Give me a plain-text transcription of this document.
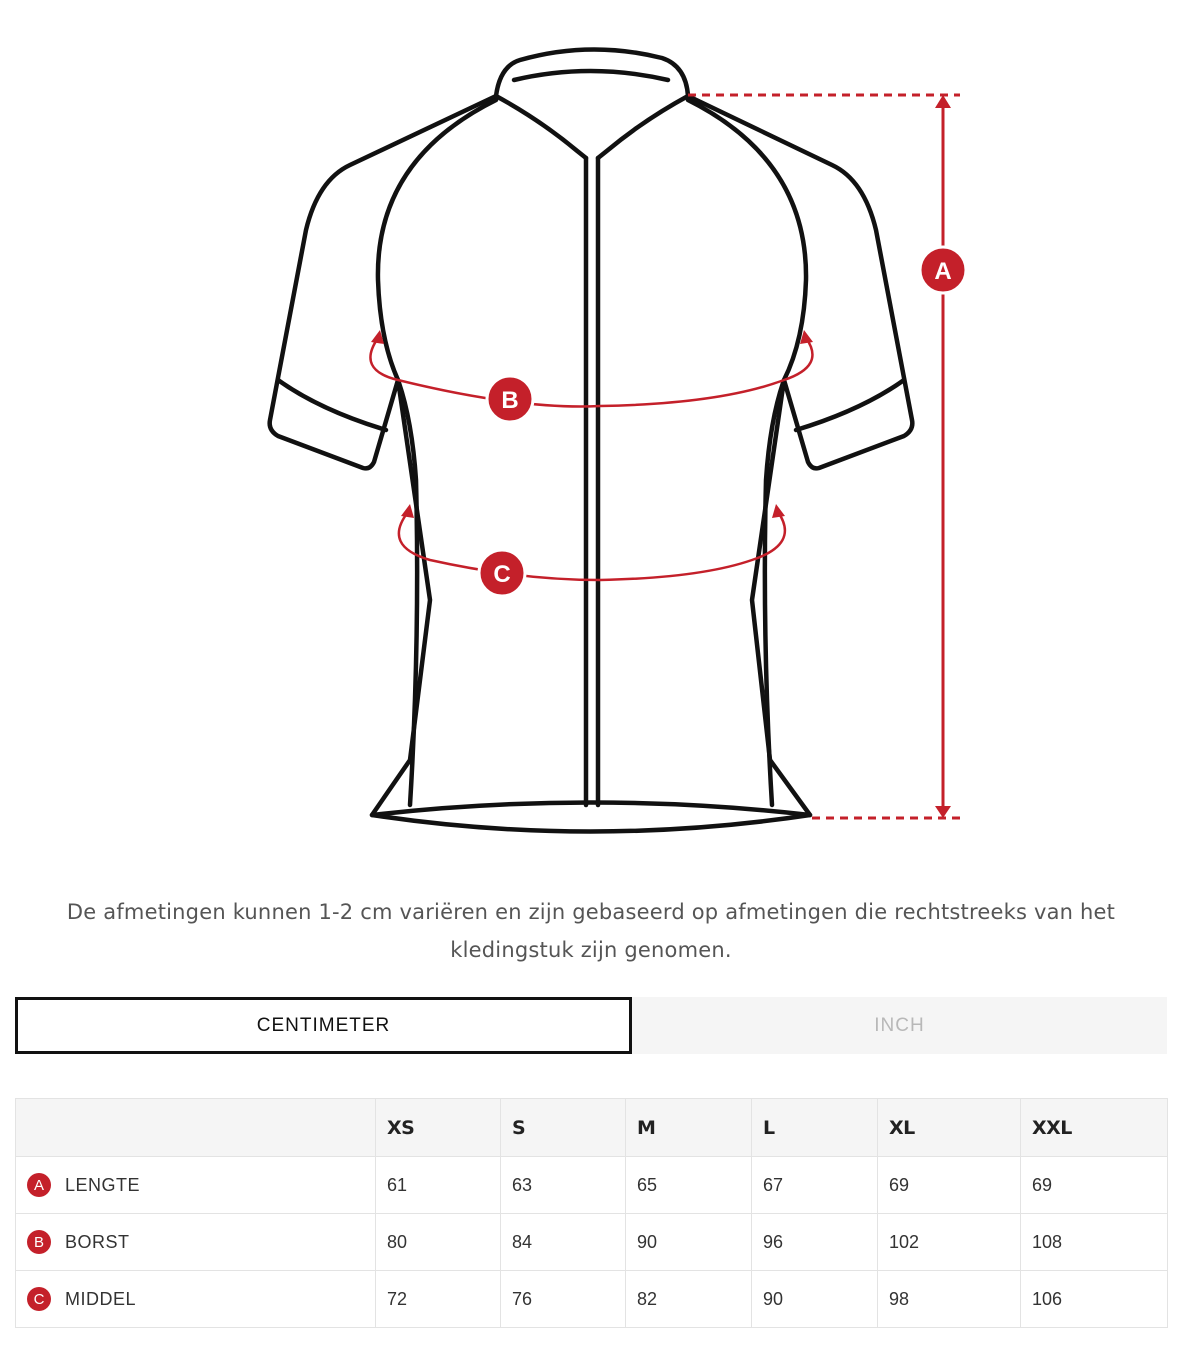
A
B
C
De afmetingen kunnen 1-2 cm variëren en zijn gebaseerd op afmetingen die rechtstreeks van het
kledingstuk zijn genomen.
CENTIMETER	INCH
	XS	S	M	L	XL	XXL

A LENGTE	61	63	65	67	69	69

B BORST	80	84	90	96	102	108

C MIDDEL	72	76	82	90	98	106
